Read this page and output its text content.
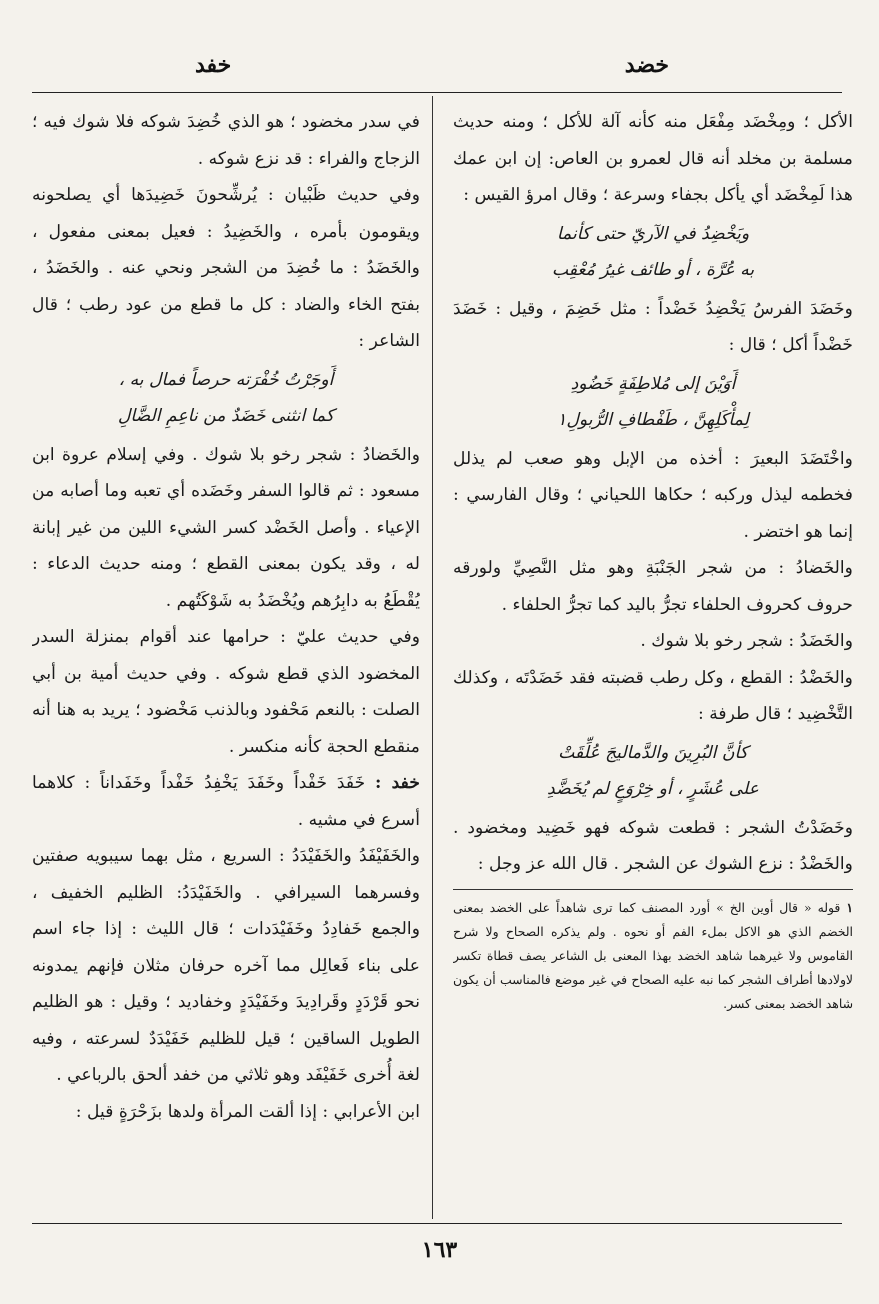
خضد
خفد

الأكل ؛ ومِخْضَد مِفْعَل منه كأنه آلة للأكل ؛ ومنه حديث مسلمة بن مخلد أنه قال لعمرو بن العاص: إن ابن عمك هذا لَمِخْضَد أي يأكل بجفاء وسرعة ؛ وقال امرؤ القيس :

ويَخْضِدُ في الآريّ حتى كأنما
به عُرَّة ، أو طائف غيرُ مُعْقِب

وخَضَدَ الفرسُ يَخْضِدُ خَضْداً : مثل خَضِمَ ، وقيل : خَضَدَ خَضْداً أكل ؛ قال :

أَوَيْنَ إلى مُلاطِفَةٍ خَضُودِ
لِمأْكَلِهِنَّ ، طَفْطافِ الرُّبولِ١

واخْتَضَدَ البعيرَ : أخذه من الإبل وهو صعب لم يذلل فخطمه ليذل وركبه ؛ حكاها اللحياني ؛ وقال الفارسي : إنما هو اختضر .

والخَضادُ : من شجر الجَنْبَةِ وهو مثل النَّصِيِّ ولورقه حروف كحروف الحلفاء تجرُّ باليد كما تجرُّ الحلفاء .

والخَضَدُ : شجر رخو بلا شوك .

والخَضْدُ : القطع ، وكل رطب قضبته فقد خَضَدْتَه ، وكذلك التَّخْضِيد ؛ قال طرفة :

كأنَّ البُرِينَ والدَّماليجَ عُلِّقَتْ
على عُشَرٍ ، أو خِرْوَعٍ لم يُخَضَّدِ

وخَضَدْتُ الشجر : قطعت شوكه فهو خَضِيد ومخضود . والخَضْدُ : نزع الشوك عن الشجر . قال الله عز وجل :

١قوله « قال أوين الخ » أورد المصنف كما ترى شاهداً على الخضد بمعنى الخضم الذي هو الاكل بملء الفم أو نحوه . ولم يذكره الصحاح ولا شرح القاموس ولا غيرهما شاهد الخضد بهذا المعنى بل الشاعر يصف قطاة تكسر لاولادها أطراف الشجر كما نبه عليه الصحاح في غير موضع فالمناسب أن يكون شاهد الخضد بمعنى كسر.

في سدر مخضود ؛ هو الذي خُضِدَ شوكه فلا شوك فيه ؛ الزجاج والفراء : قد نزع شوكه .

وفي حديث ظَبْيان : يُرشِّحونَ خَضِيدَها أي يصلحونه ويقومون بأمره ، والخَضِيدُ : فعيل بمعنى مفعول ، والخَضَدُ : ما خُضِدَ من الشجر ونحي عنه . والخَضَدُ ، بفتح الخاء والضاد : كل ما قطع من عود رطب ؛ قال الشاعر :

أَوجَرْتُ خُفْرَته حرصاً فمال به ،
كما انثنى خَضَدٌ من ناعِمِ الضَّالِ

والخَضادُ : شجر رخو بلا شوك . وفي إسلام عروة ابن مسعود : ثم قالوا السفر وخَضَده أي تعبه وما أصابه من الإعياء . وأصل الخَضْد كسر الشيء اللين من غير إبانة له ، وقد يكون بمعنى القطع ؛ ومنه حديث الدعاء : يُقْطَعُ به دابِرُهم ويُخْضَدُ به شَوْكَتُهم .

وفي حديث عليّ : حرامها عند أقوام بمنزلة السدر المخضود الذي قطع شوكه . وفي حديث أمية بن أبي الصلت : بالنعم مَحْفود وبالذنب مَخْضود ؛ يريد به هنا أنه منقطع الحجة كأنه منكسر .

خفد : خَفَدَ خَفْداً وخَفَدَ يَخْفِدُ خَفْداً وخَفَداناً : كلاهما أسرع في مشيه .

والخَفَيْفَدُ والخَفَيْدَدُ : السريع ، مثل بهما سيبويه صفتين وفسرهما السيرافي . والخَفَيْدَدُ: الظليم الخفيف ، والجمع خَفادِدُ وخَفَيْدَدات ؛ قال الليث : إذا جاء اسم على بناء فَعالِل مما آخره حرفان مثلان فإنهم يمدونه نحو قَرْدَدٍ وقَرادِيدَ وخَفَيْدَدٍ وخفاديد ؛ وقيل : هو الظليم الطويل الساقين ؛ قيل للظليم خَفَيْدَدٌ لسرعته ، وفيه لغة أُخرى خَفَيْفَد وهو ثلاثي من خفد ألحق بالرباعي .

ابن الأعرابي : إذا ألقت المرأة ولدها بزَحْرَةٍ قيل :

١٦٣
